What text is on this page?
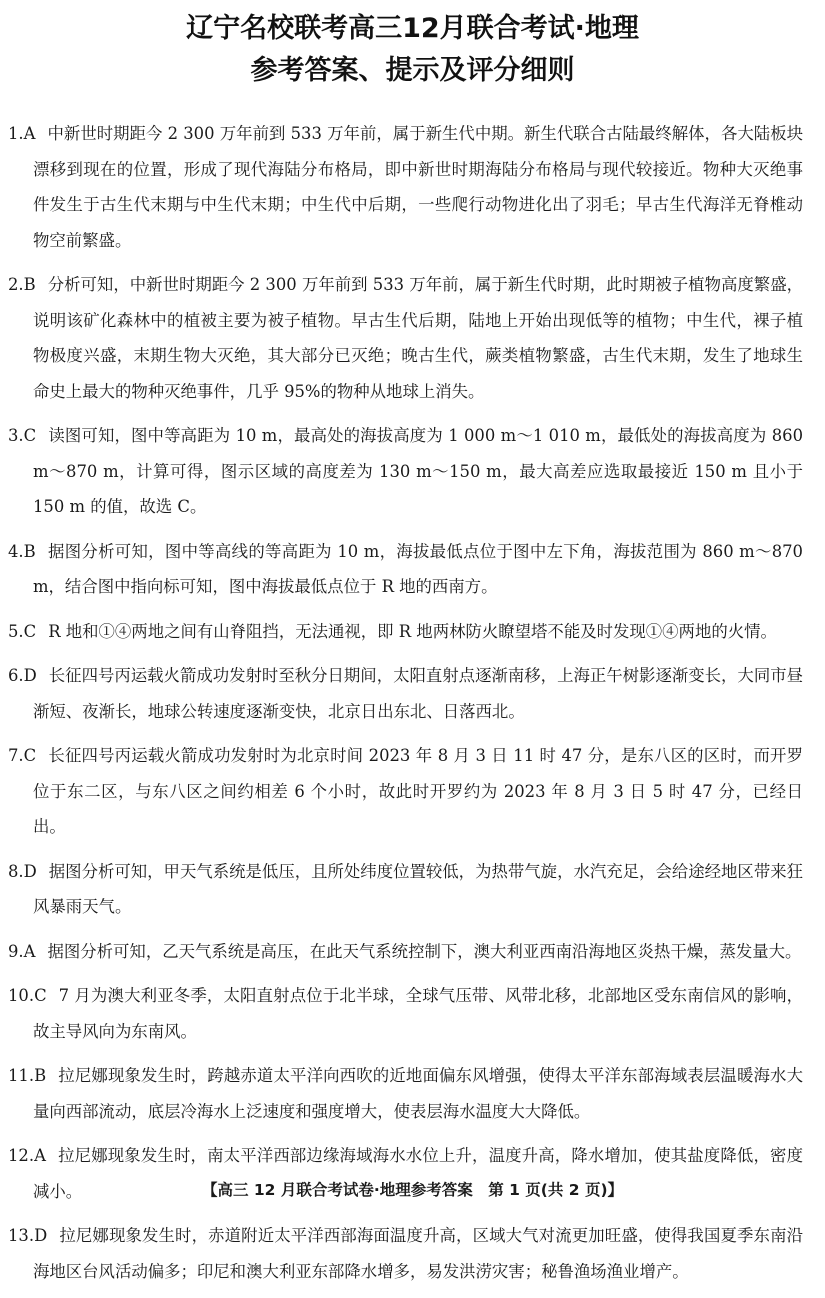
辽宁名校联考高三12月联合考试·地理
参考答案、提示及评分细则
1.A 中新世时期距今 2 300 万年前到 533 万年前，属于新生代中期。新生代联合古陆最终解体，各大陆板块漂移到现在的位置，形成了现代海陆分布格局，即中新世时期海陆分布格局与现代较接近。物种大灭绝事件发生于古生代末期与中生代末期；中生代中后期，一些爬行动物进化出了羽毛；早古生代海洋无脊椎动物空前繁盛。
2.B 分析可知，中新世时期距今 2 300 万年前到 533 万年前，属于新生代时期，此时期被子植物高度繁盛，说明该矿化森林中的植被主要为被子植物。早古生代后期，陆地上开始出现低等的植物；中生代，裸子植物极度兴盛，末期生物大灭绝，其大部分已灭绝；晚古生代，蕨类植物繁盛，古生代末期，发生了地球生命史上最大的物种灭绝事件，几乎 95%的物种从地球上消失。
3.C 读图可知，图中等高距为 10 m，最高处的海拔高度为 1 000 m～1 010 m，最低处的海拔高度为 860 m～870 m，计算可得，图示区域的高度差为 130 m～150 m，最大高差应选取最接近 150 m 且小于 150 m 的值，故选 C。
4.B 据图分析可知，图中等高线的等高距为 10 m，海拔最低点位于图中左下角，海拔范围为 860 m～870 m，结合图中指向标可知，图中海拔最低点位于 R 地的西南方。
5.C R 地和①④两地之间有山脊阻挡，无法通视，即 R 地两林防火瞭望塔不能及时发现①④两地的火情。
6.D 长征四号丙运载火箭成功发射时至秋分日期间，太阳直射点逐渐南移，上海正午树影逐渐变长，大同市昼渐短、夜渐长，地球公转速度逐渐变快，北京日出东北、日落西北。
7.C 长征四号丙运载火箭成功发射时为北京时间 2023 年 8 月 3 日 11 时 47 分，是东八区的区时，而开罗位于东二区，与东八区之间约相差 6 个小时，故此时开罗约为 2023 年 8 月 3 日 5 时 47 分，已经日出。
8.D 据图分析可知，甲天气系统是低压，且所处纬度位置较低，为热带气旋，水汽充足，会给途经地区带来狂风暴雨天气。
9.A 据图分析可知，乙天气系统是高压，在此天气系统控制下，澳大利亚西南沿海地区炎热干燥，蒸发量大。
10.C 7 月为澳大利亚冬季，太阳直射点位于北半球，全球气压带、风带北移，北部地区受东南信风的影响，故主导风向为东南风。
11.B 拉尼娜现象发生时，跨越赤道太平洋向西吹的近地面偏东风增强，使得太平洋东部海域表层温暖海水大量向西部流动，底层冷海水上泛速度和强度增大，使表层海水温度大大降低。
12.A 拉尼娜现象发生时，南太平洋西部边缘海域海水水位上升，温度升高，降水增加，使其盐度降低，密度减小。
13.D 拉尼娜现象发生时，赤道附近太平洋西部海面温度升高，区域大气对流更加旺盛，使得我国夏季东南沿海地区台风活动偏多；印尼和澳大利亚东部降水增多，易发洪涝灾害；秘鲁渔场渔业增产。
【高三 12 月联合考试卷·地理参考答案　第 1 页(共 2 页)】
